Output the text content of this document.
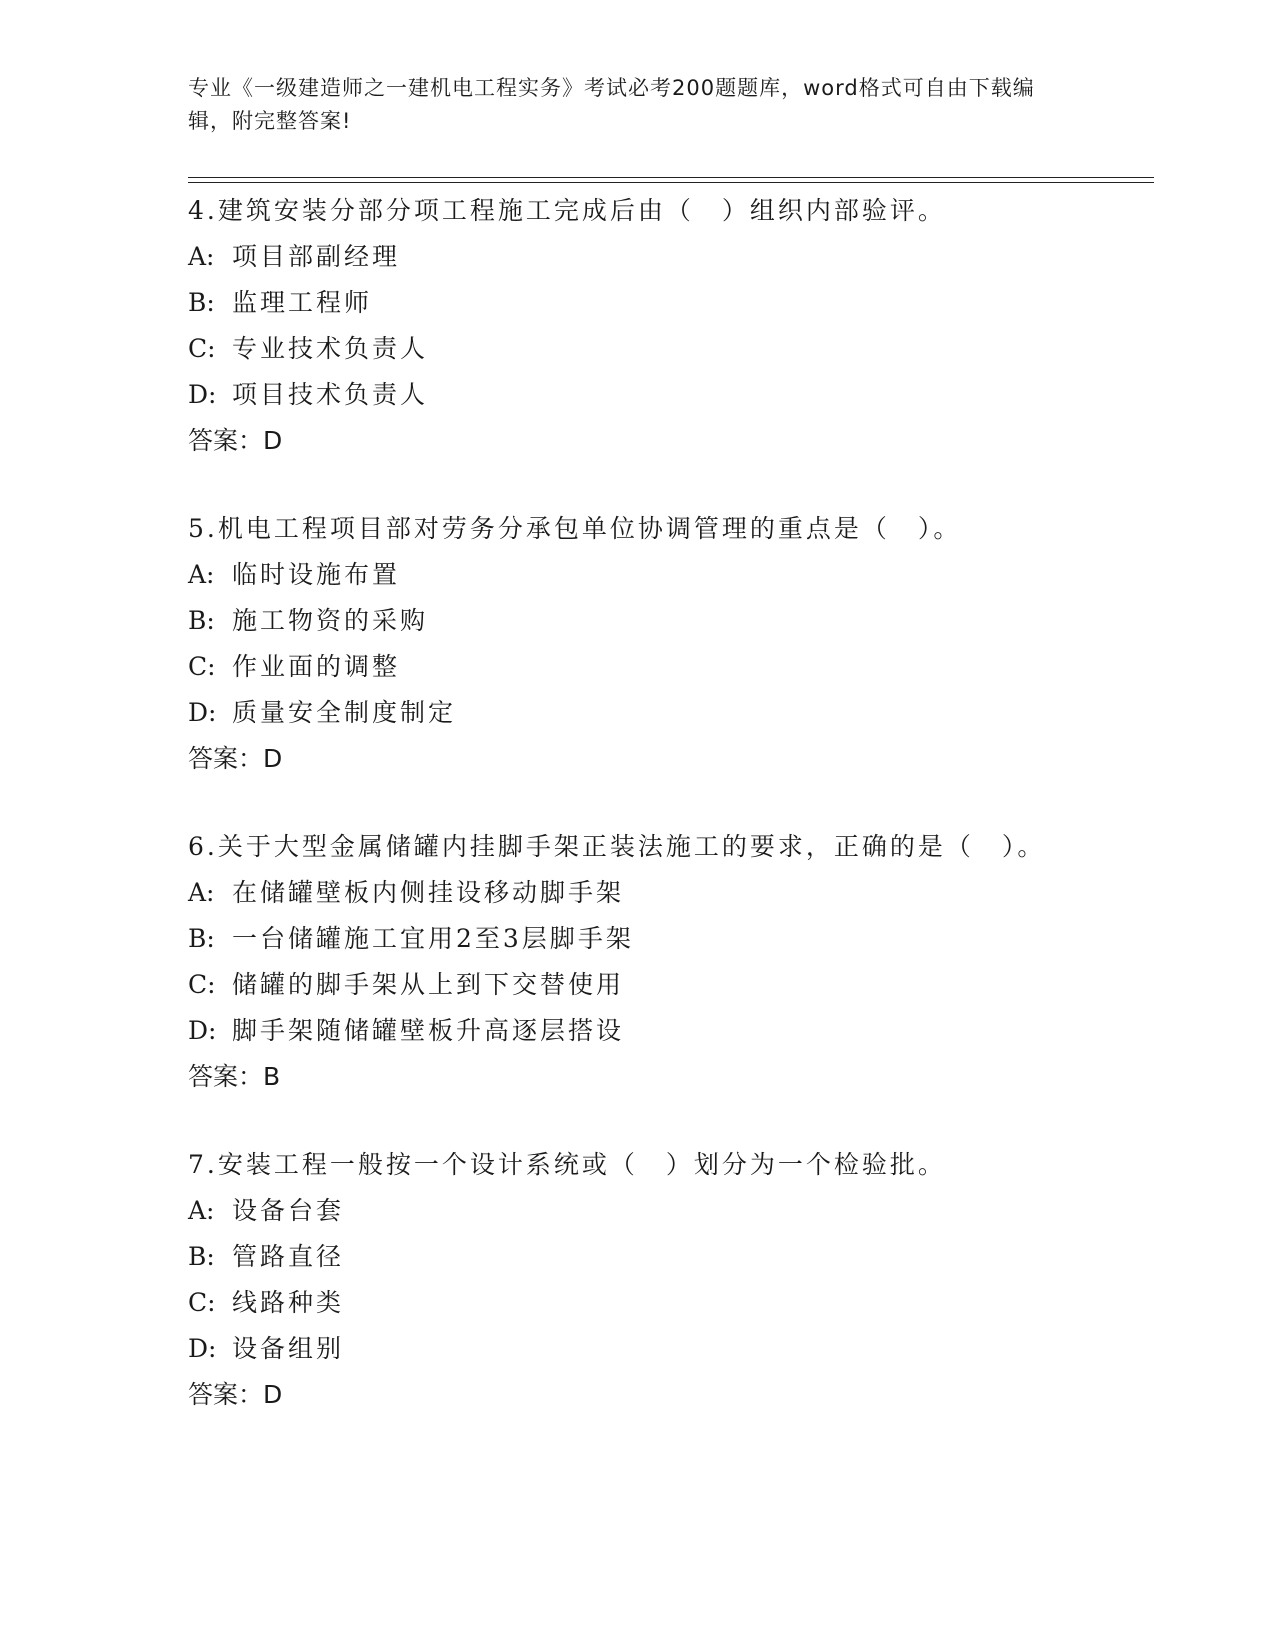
专业《一级建造师之一建机电工程实务》考试必考200题题库，word格式可自由下载编辑，附完整答案!
4.建筑安装分部分项工程施工完成后由（　）组织内部验评。
A: 项目部副经理
B: 监理工程师
C: 专业技术负责人
D: 项目技术负责人
答案：D
5.机电工程项目部对劳务分承包单位协调管理的重点是（　）。
A: 临时设施布置
B: 施工物资的采购
C: 作业面的调整
D: 质量安全制度制定
答案：D
6.关于大型金属储罐内挂脚手架正装法施工的要求，正确的是（　）。
A: 在储罐壁板内侧挂设移动脚手架
B: 一台储罐施工宜用2至3层脚手架
C: 储罐的脚手架从上到下交替使用
D: 脚手架随储罐壁板升高逐层搭设
答案：B
7.安装工程一般按一个设计系统或（　）划分为一个检验批。
A: 设备台套
B: 管路直径
C: 线路种类
D: 设备组别
答案：D
